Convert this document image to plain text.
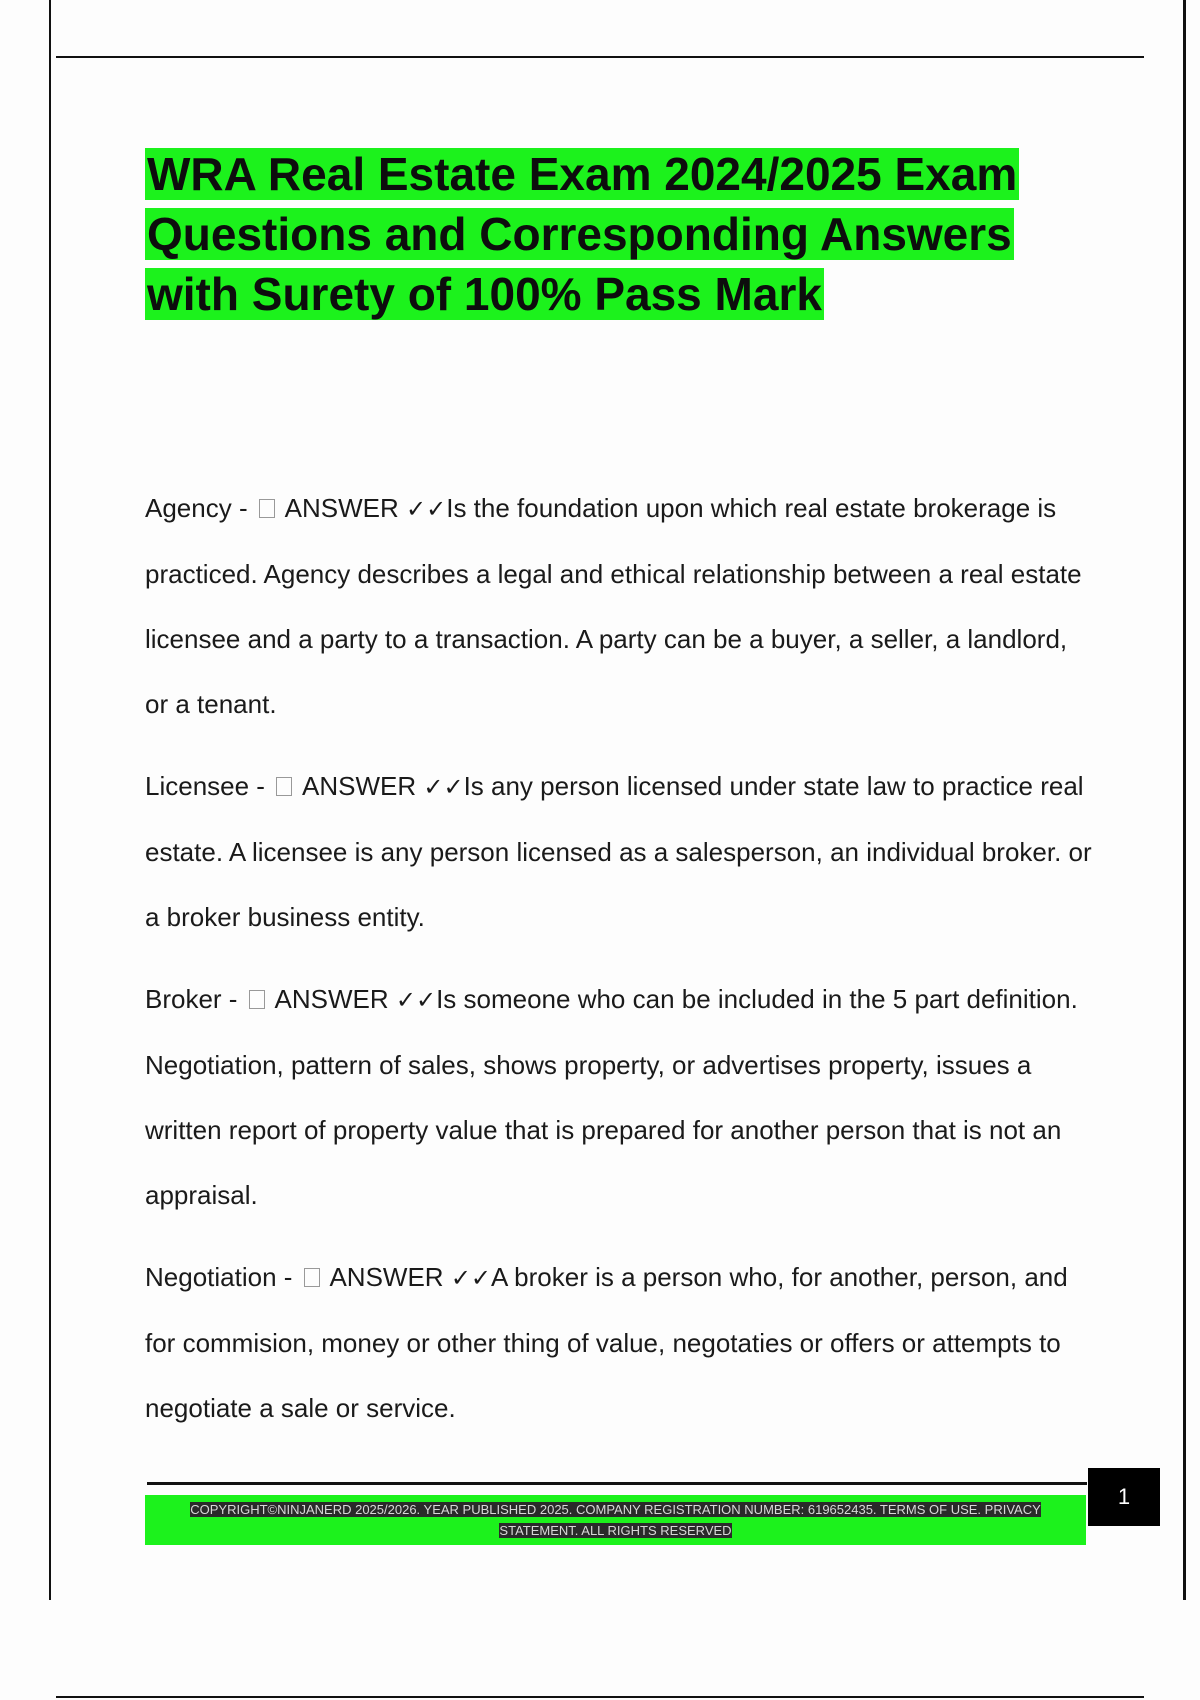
WRA Real Estate Exam 2024/2025 Exam Questions and Corresponding Answers with Surety of 100% Pass Mark

Agency -  ANSWER ✓✓Is the foundation upon which real estate brokerage is practiced. Agency describes a legal and ethical relationship between a real estate licensee and a party to a transaction. A party can be a buyer, a seller, a landlord, or a tenant.

Licensee -  ANSWER ✓✓Is any person licensed under state law to practice real estate. A licensee is any person licensed as a salesperson, an individual broker. or a broker business entity.

Broker -  ANSWER ✓✓Is someone who can be included in the 5 part definition. Negotiation, pattern of sales, shows property, or advertises property, issues a written report of property value that is prepared for another person that is not an appraisal.

Negotiation -  ANSWER ✓✓A broker is a person who, for another, person, and for commision, money or other thing of value, negotaties or offers or attempts to negotiate a sale or service.

COPYRIGHT©NINJANERD 2025/2026. YEAR PUBLISHED 2025. COMPANY REGISTRATION NUMBER: 619652435. TERMS OF USE. PRIVACY STATEMENT. ALL RIGHTS RESERVED
1
